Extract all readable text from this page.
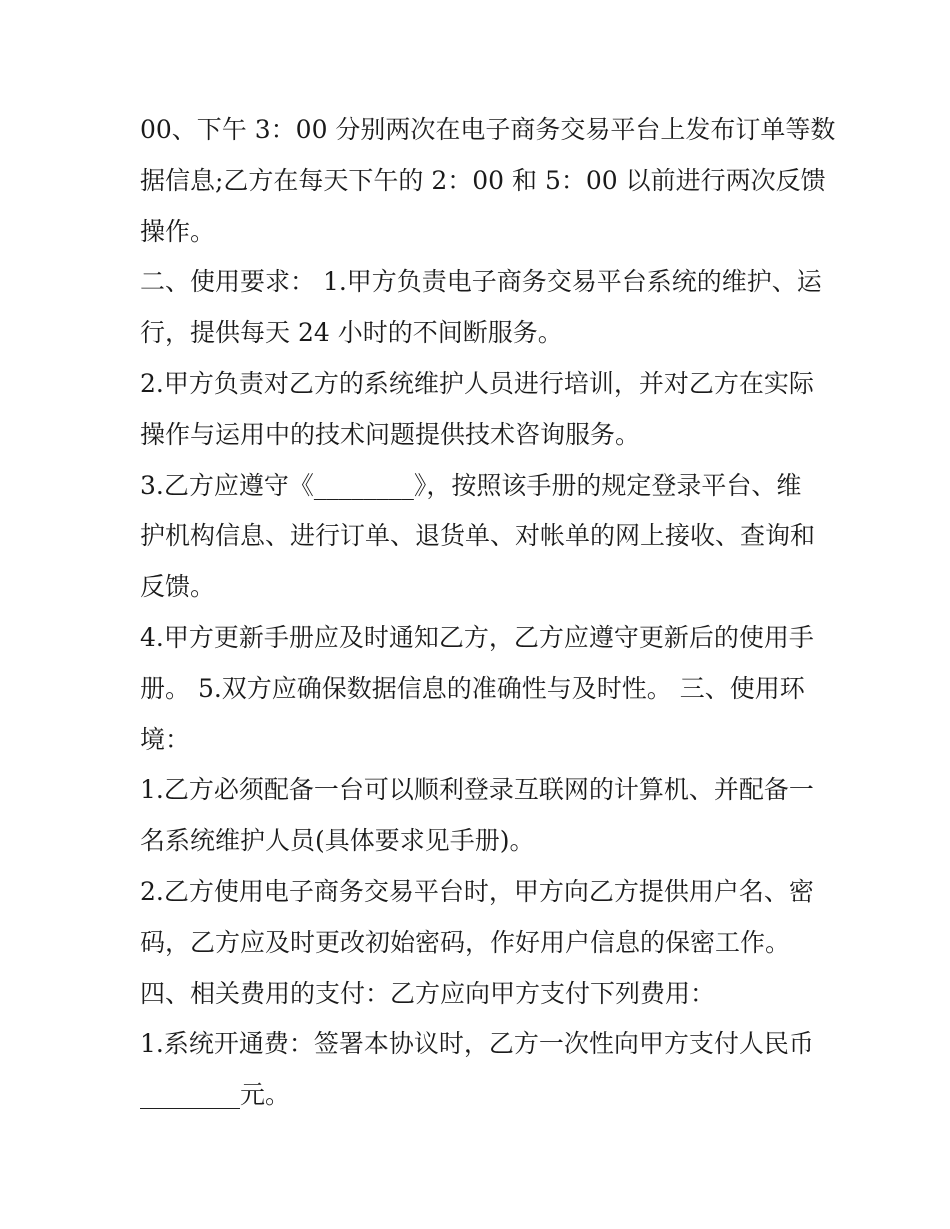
00、下午 3：00 分别两次在电子商务交易平台上发布订单等数
据信息;乙方在每天下午的 2：00 和 5：00 以前进行两次反馈
操作。
二、使用要求： 1.甲方负责电子商务交易平台系统的维护、运
行，提供每天 24 小时的不间断服务。
2.甲方负责对乙方的系统维护人员进行培训，并对乙方在实际
操作与运用中的技术问题提供技术咨询服务。
3.乙方应遵守《________》，按照该手册的规定登录平台、维
护机构信息、进行订单、退货单、对帐单的网上接收、查询和
反馈。
4.甲方更新手册应及时通知乙方，乙方应遵守更新后的使用手
册。 5.双方应确保数据信息的准确性与及时性。 三、使用环
境：
1.乙方必须配备一台可以顺利登录互联网的计算机、并配备一
名系统维护人员(具体要求见手册)。
2.乙方使用电子商务交易平台时，甲方向乙方提供用户名、密
码，乙方应及时更改初始密码，作好用户信息的保密工作。
四、相关费用的支付：乙方应向甲方支付下列费用：
1.系统开通费：签署本协议时，乙方一次性向甲方支付人民币
________元。
